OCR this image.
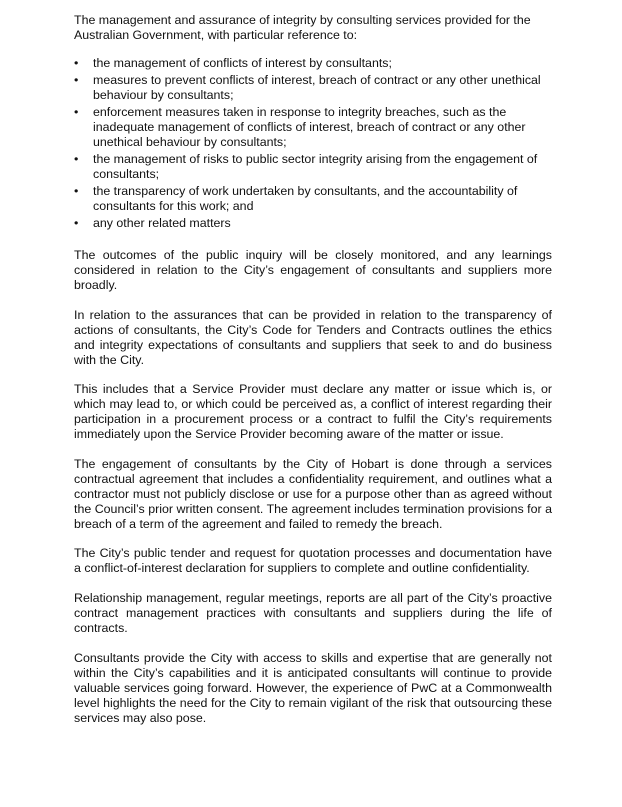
The management and assurance of integrity by consulting services provided for the Australian Government, with particular reference to:

•	the management of conflicts of interest by consultants;
•	measures to prevent conflicts of interest, breach of contract or any other unethical behaviour by consultants;
•	enforcement measures taken in response to integrity breaches, such as the inadequate management of conflicts of interest, breach of contract or any other unethical behaviour by consultants;
•	the management of risks to public sector integrity arising from the engagement of consultants;
•	the transparency of work undertaken by consultants, and the accountability of consultants for this work; and
•	any other related matters

The outcomes of the public inquiry will be closely monitored, and any learnings considered in relation to the City’s engagement of consultants and suppliers more broadly.

In relation to the assurances that can be provided in relation to the transparency of actions of consultants, the City’s Code for Tenders and Contracts outlines the ethics and integrity expectations of consultants and suppliers that seek to and do business with the City.

This includes that a Service Provider must declare any matter or issue which is, or which may lead to, or which could be perceived as, a conflict of interest regarding their participation in a procurement process or a contract to fulfil the City’s requirements immediately upon the Service Provider becoming aware of the matter or issue.

The engagement of consultants by the City of Hobart is done through a services contractual agreement that includes a confidentiality requirement, and outlines what a contractor must not publicly disclose or use for a purpose other than as agreed without the Council’s prior written consent. The agreement includes termination provisions for a breach of a term of the agreement and failed to remedy the breach.

The City’s public tender and request for quotation processes and documentation have a conflict-of-interest declaration for suppliers to complete and outline confidentiality.

Relationship management, regular meetings, reports are all part of the City’s proactive contract management practices with consultants and suppliers during the life of contracts.

Consultants provide the City with access to skills and expertise that are generally not within the City’s capabilities and it is anticipated consultants will continue to provide valuable services going forward. However, the experience of PwC at a Commonwealth level highlights the need for the City to remain vigilant of the risk that outsourcing these services may also pose.
